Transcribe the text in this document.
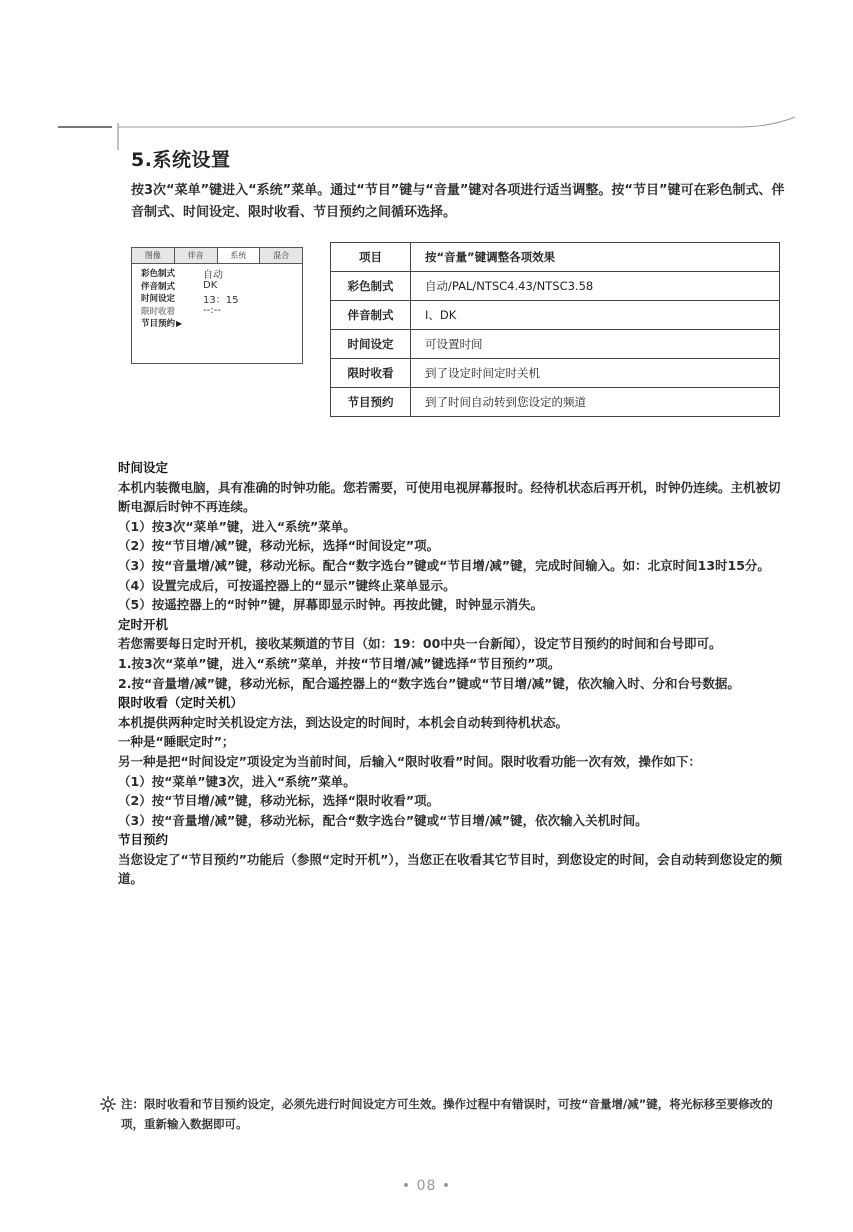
5.系统设置
按3次“菜单”键进入“系统”菜单。通过“节目”键与“音量”键对各项进行适当调整。按“节目”键可在彩色制式、伴音制式、时间设定、限时收看、节目预约之间循环选择。
图像	伴音	系统	混合
彩色制式	自动
伴音制式	DK
时间设定	13：15
限时收看	--:--
节目预约 ▶
项目	按“音量”键调整各项效果
彩色制式	自动/PAL/NTSC4.43/NTSC3.58
伴音制式	I、DK
时间设定	可设置时间
限时收看	到了设定时间定时关机
节目预约	到了时间自动转到您设定的频道

时间设定

本机内装微电脑，具有准确的时钟功能。您若需要，可使用电视屏幕报时。经待机状态后再开机，时钟仍连续。主机被切断电源后时钟不再连续。

（1）按3次“菜单”键，进入“系统”菜单。

（2）按“节目增/减”键，移动光标，选择“时间设定”项。

（3）按“音量增/减”键，移动光标。配合“数字选台”键或“节目增/减”键，完成时间输入。如：北京时间13时15分。

（4）设置完成后，可按遥控器上的“显示”键终止菜单显示。

（5）按遥控器上的“时钟”键，屏幕即显示时钟。再按此键，时钟显示消失。

定时开机

若您需要每日定时开机，接收某频道的节目（如：19：00中央一台新闻），设定节目预约的时间和台号即可。

1.按3次“菜单”键，进入“系统”菜单，并按“节目增/减”键选择“节目预约”项。

2.按“音量增/减”键，移动光标，配合遥控器上的“数字选台”键或“节目增/减”键，依次输入时、分和台号数据。

限时收看（定时关机）

本机提供两种定时关机设定方法，到达设定的时间时，本机会自动转到待机状态。

一种是“睡眠定时”；

另一种是把“时间设定”项设定为当前时间，后输入“限时收看”时间。限时收看功能一次有效，操作如下：

（1）按“菜单”键3次，进入“系统”菜单。

（2）按“节目增/减”键，移动光标，选择“限时收看”项。

（3）按“音量增/减”键，移动光标，配合“数字选台”键或“节目增/减”键，依次输入关机时间。

节目预约

当您设定了“节目预约”功能后（参照“定时开机”），当您正在收看其它节目时，到您设定的时间，会自动转到您设定的频道。

注：限时收看和节目预约设定，必须先进行时间设定方可生效。操作过程中有错误时，可按“音量增/减”键，将光标移至要修改的项，重新输入数据即可。
• 08 •
